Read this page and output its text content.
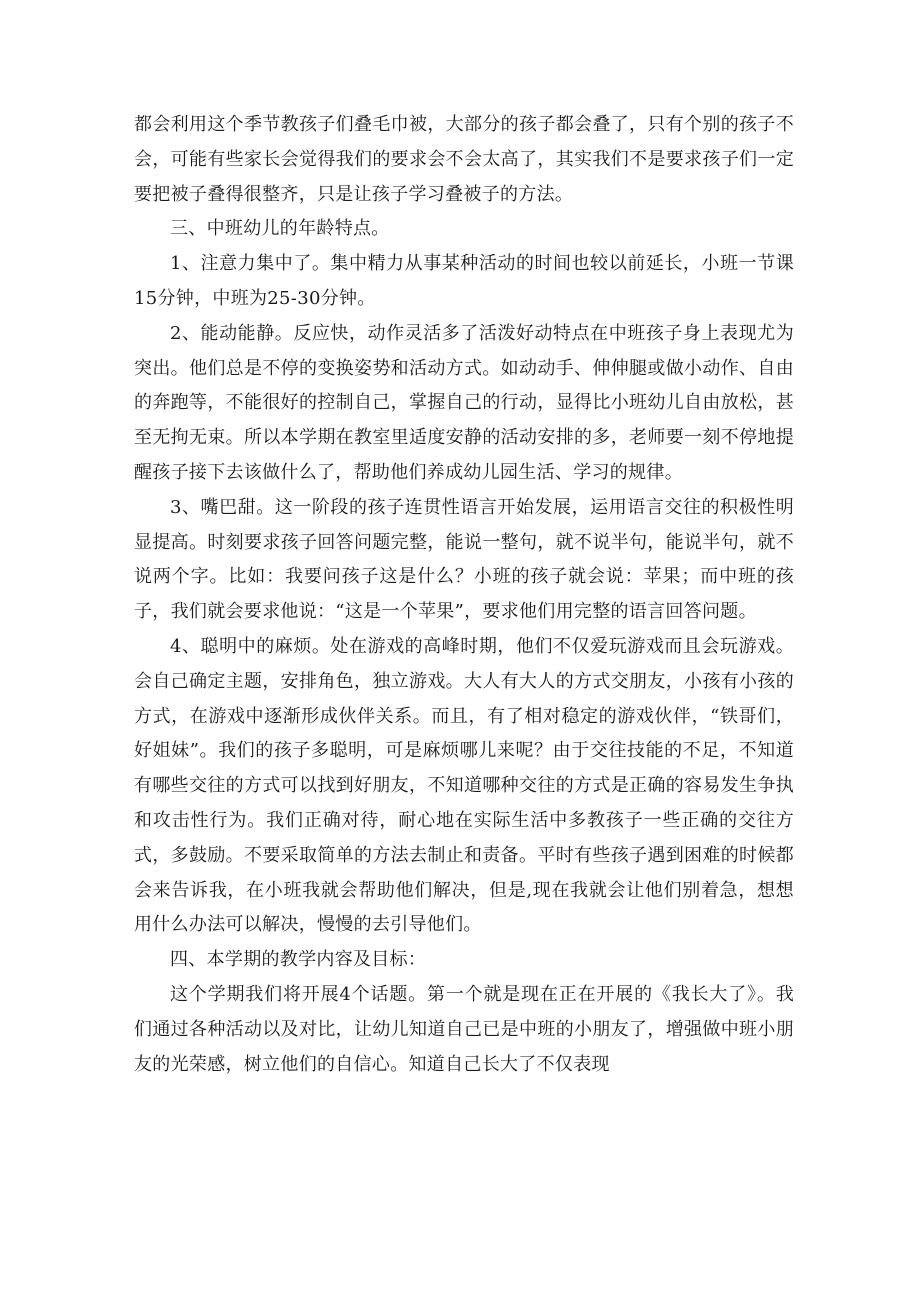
都会利用这个季节教孩子们叠毛巾被，大部分的孩子都会叠了，只有个别的孩子不会，可能有些家长会觉得我们的要求会不会太高了，其实我们不是要求孩子们一定要把被子叠得很整齐，只是让孩子学习叠被子的方法。

三、中班幼儿的年龄特点。

1、注意力集中了。集中精力从事某种活动的时间也较以前延长，小班一节课15分钟，中班为25-30分钟。

2、能动能静。反应快，动作灵活多了活泼好动特点在中班孩子身上表现尤为突出。他们总是不停的变换姿势和活动方式。如动动手、伸伸腿或做小动作、自由的奔跑等，不能很好的控制自己，掌握自己的行动，显得比小班幼儿自由放松，甚至无拘无束。所以本学期在教室里适度安静的活动安排的多，老师要一刻不停地提醒孩子接下去该做什么了，帮助他们养成幼儿园生活、学习的规律。

3、嘴巴甜。这一阶段的孩子连贯性语言开始发展，运用语言交往的积极性明显提高。时刻要求孩子回答问题完整，能说一整句，就不说半句，能说半句，就不说两个字。比如：我要问孩子这是什么？小班的孩子就会说：苹果；而中班的孩子，我们就会要求他说：“这是一个苹果”，要求他们用完整的语言回答问题。

4、聪明中的麻烦。处在游戏的高峰时期，他们不仅爱玩游戏而且会玩游戏。会自己确定主题，安排角色，独立游戏。大人有大人的方式交朋友，小孩有小孩的方式，在游戏中逐渐形成伙伴关系。而且，有了相对稳定的游戏伙伴，“铁哥们，好姐妹”。我们的孩子多聪明，可是麻烦哪儿来呢？由于交往技能的不足，不知道有哪些交往的方式可以找到好朋友，不知道哪种交往的方式是正确的容易发生争执和攻击性行为。我们正确对待，耐心地在实际生活中多教孩子一些正确的交往方式，多鼓励。不要采取简单的方法去制止和责备。平时有些孩子遇到困难的时候都会来告诉我，在小班我就会帮助他们解决，但是,现在我就会让他们别着急，想想用什么办法可以解决，慢慢的去引导他们。

四、本学期的教学内容及目标：

这个学期我们将开展4个话题。第一个就是现在正在开展的《我长大了》。我们通过各种活动以及对比，让幼儿知道自己已是中班的小朋友了，增强做中班小朋友的光荣感，树立他们的自信心。知道自己长大了不仅表现
